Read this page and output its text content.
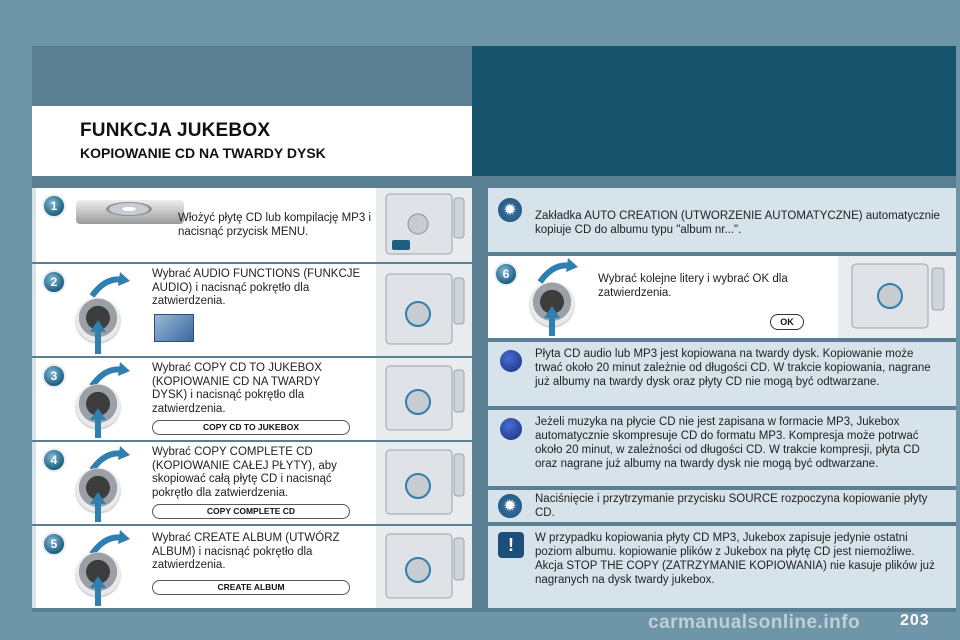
FUNKCJA JUKEBOX
KOPIOWANIE CD NA TWARDY DYSK
1
Włożyć płytę CD lub kompilację MP3 i nacisnąć przycisk MENU.
2
Wybrać AUDIO FUNCTIONS (FUNKCJE AUDIO) i nacisnąć pokrętło dla zatwierdzenia.
3
Wybrać COPY CD TO JUKEBOX (KOPIOWANIE CD NA TWARDY DYSK) i nacisnąć pokrętło dla zatwierdzenia.
COPY CD TO JUKEBOX
4
Wybrać COPY COMPLETE CD (KOPIOWANIE CAŁEJ PŁYTY), aby skopiować całą płytę CD i nacisnąć pokrętło dla zatwierdzenia.
COPY COMPLETE CD
5	Wybrać CREATE ALBUM (UTWÓRZ ALBUM) i nacisnąć pokrętło dla zatwierdzenia.
CREATE ALBUM
✹	Zakładka AUTO CREATION (UTWORZENIE AUTOMATYCZNE) automatycznie kopiuje CD do albumu typu "album nr...".
6	Wybrać kolejne litery i wybrać OK dla zatwierdzenia.
OK
Płyta CD audio lub MP3 jest kopiowana na twardy dysk. Kopiowanie może trwać około 20 minut zależnie od długości CD. W trakcie kopiowania, nagrane już albumy na twardy dysk oraz płyty CD nie mogą być odtwarzane.
Jeżeli muzyka na płycie CD nie jest zapisana w formacie MP3, Jukebox automatycznie skompresuje CD do formatu MP3. Kompresja może potrwać około 20 minut, w zależności od długości CD. W trakcie kompresji, płyta CD oraz nagrane już albumy na twardy dysk nie mogą być odtwarzane.
✹	Naciśnięcie i przytrzymanie przycisku SOURCE rozpoczyna kopiowanie płyty CD.
!	W przypadku kopiowania płyty CD MP3, Jukebox zapisuje jedynie ostatni poziom albumu. kopiowanie plików z Jukebox na płytę CD jest niemożliwe.
Akcja STOP THE COPY (ZATRZYMANIE KOPIOWANIA) nie kasuje plików już nagranych na dysk twardy jukebox.
carmanualsonline.info 203
